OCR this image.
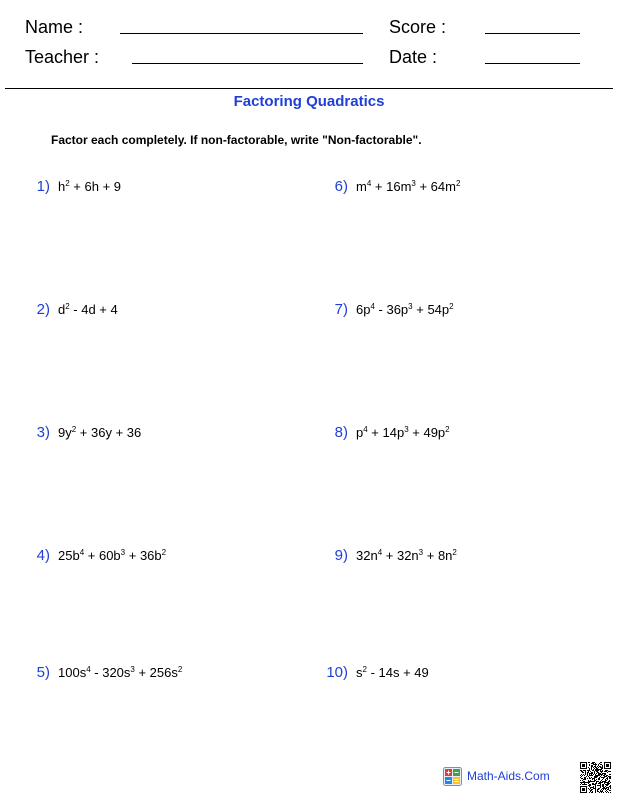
Name :
Teacher :
Score :
Date :
Factoring Quadratics
Factor each completely. If non-factorable, write "Non-factorable".
1) $h^2 + 6h + 9$
2) $d^2 - 4d + 4$
3) $9y^2 + 36y + 36$
4) $25b^4 + 60b^3 + 36b^2$
5) $100s^4 - 320s^3 + 256s^2$
6) $m^4 + 16m^3 + 64m^2$
7) $6p^4 - 36p^3 + 54p^2$
8) $p^4 + 14p^3 + 49p^2$
9) $32n^4 + 32n^3 + 8n^2$
10) $s^2 - 14s + 49$
Math-Aids.Com
